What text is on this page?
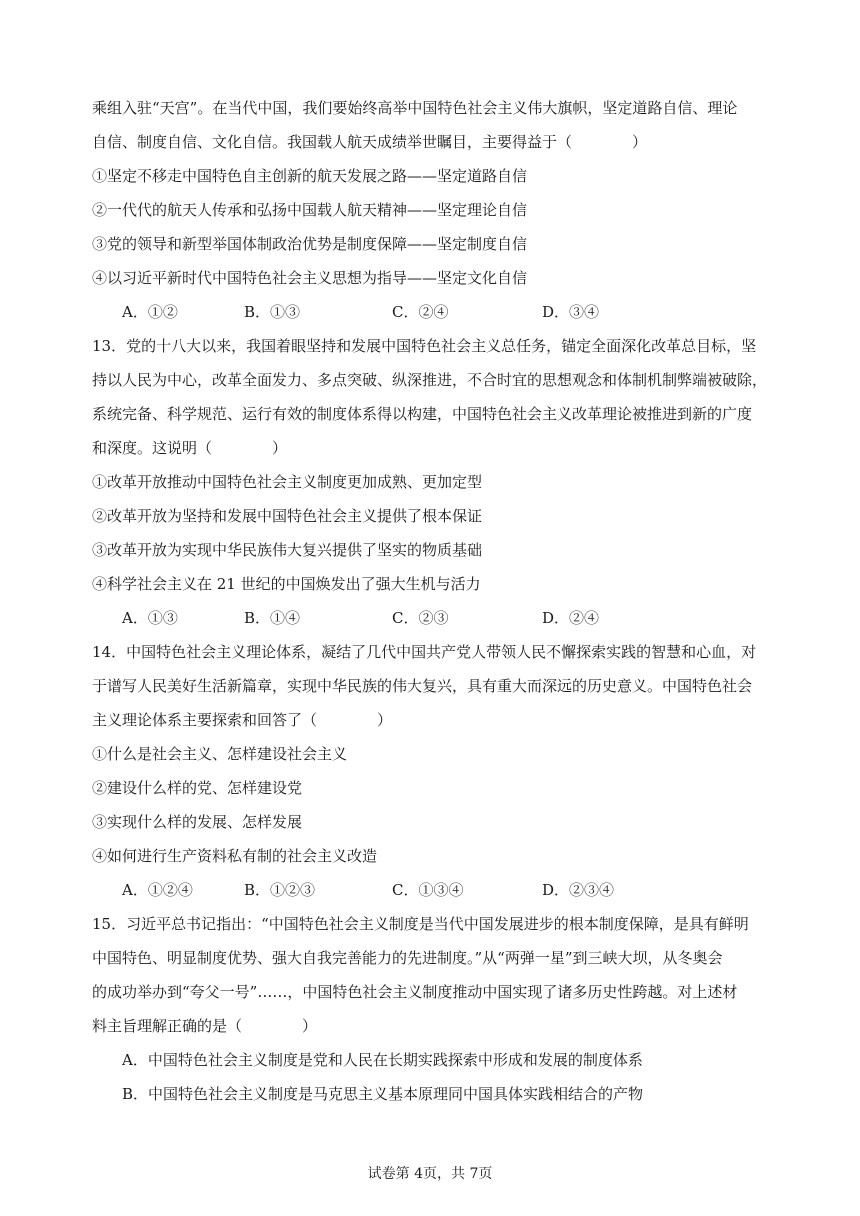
乘组入驻“天宫”。在当代中国，我们要始终高举中国特色社会主义伟大旗帜，坚定道路自信、理论
自信、制度自信、文化自信。我国载人航天成绩举世瞩目，主要得益于（　　　　）
①坚定不移走中国特色自主创新的航天发展之路——坚定道路自信
②一代代的航天人传承和弘扬中国载人航天精神——坚定理论自信
③党的领导和新型举国体制政治优势是制度保障——坚定制度自信
④以习近平新时代中国特色社会主义思想为指导——坚定文化自信
A．①②	B．①③	C．②④	D．③④
13．党的十八大以来，我国着眼坚持和发展中国特色社会主义总任务，锚定全面深化改革总目标，坚
持以人民为中心，改革全面发力、多点突破、纵深推进，不合时宜的思想观念和体制机制弊端被破除，
系统完备、科学规范、运行有效的制度体系得以构建，中国特色社会主义改革理论被推进到新的广度
和深度。这说明（　　　　）
①改革开放推动中国特色社会主义制度更加成熟、更加定型
②改革开放为坚持和发展中国特色社会主义提供了根本保证
③改革开放为实现中华民族伟大复兴提供了坚实的物质基础
④科学社会主义在 21 世纪的中国焕发出了强大生机与活力
A．①③	B．①④	C．②③	D．②④
14．中国特色社会主义理论体系，凝结了几代中国共产党人带领人民不懈探索实践的智慧和心血，对
于谱写人民美好生活新篇章，实现中华民族的伟大复兴，具有重大而深远的历史意义。中国特色社会
主义理论体系主要探索和回答了（　　　　）
①什么是社会主义、怎样建设社会主义
②建设什么样的党、怎样建设党
③实现什么样的发展、怎样发展
④如何进行生产资料私有制的社会主义改造
A．①②④	B．①②③	C．①③④	D．②③④
15．习近平总书记指出：“中国特色社会主义制度是当代中国发展进步的根本制度保障，是具有鲜明
中国特色、明显制度优势、强大自我完善能力的先进制度。”从“两弹一星”到三峡大坝，从冬奥会
的成功举办到“夸父一号”……，中国特色社会主义制度推动中国实现了诸多历史性跨越。对上述材
料主旨理解正确的是（　　　　）
A．中国特色社会主义制度是党和人民在长期实践探索中形成和发展的制度体系
B．中国特色社会主义制度是马克思主义基本原理同中国具体实践相结合的产物
试卷第 4页，共 7页
